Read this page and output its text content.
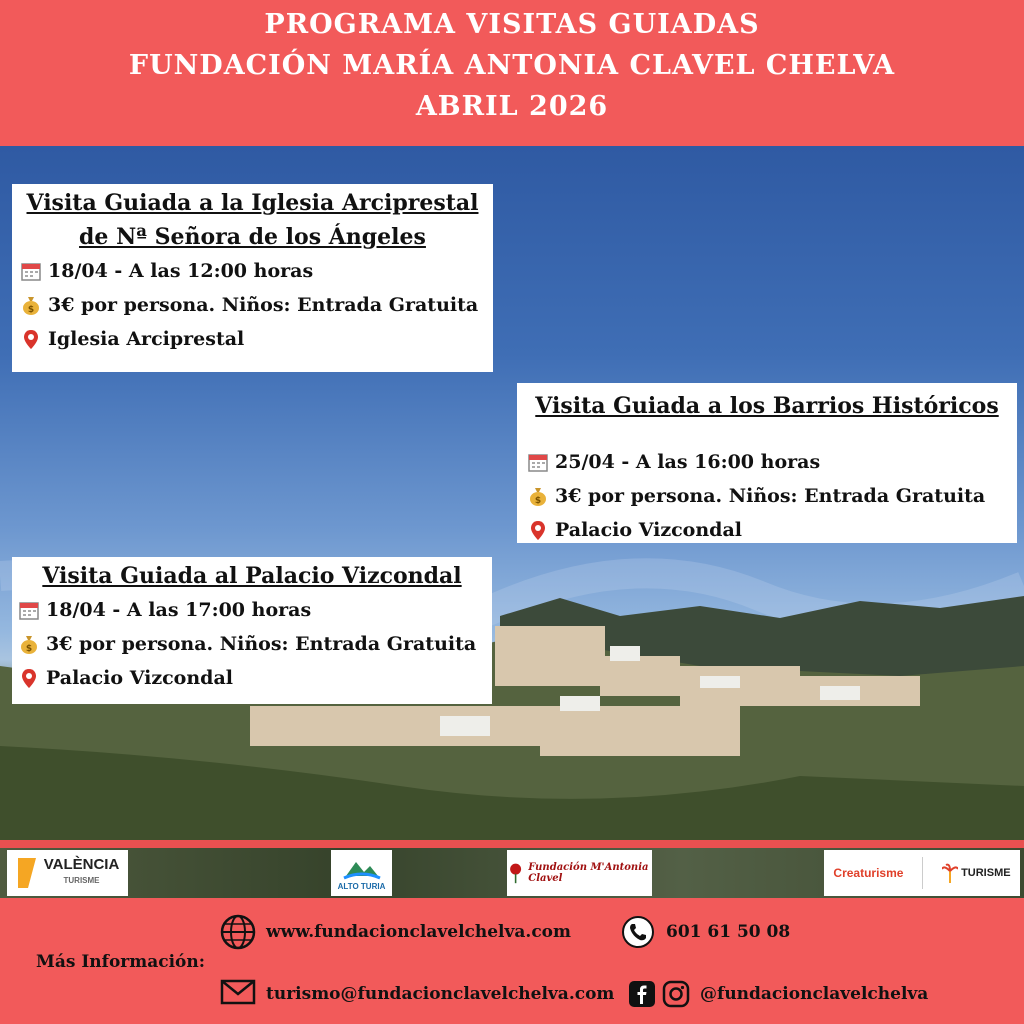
PROGRAMA VISITAS GUIADAS
FUNDACIÓN MARÍA ANTONIA CLAVEL CHELVA
ABRIL 2026
Visita Guiada a la Iglesia Arciprestal
de Nª Señora de los Ángeles
18/04 - A las 12:00 horas
$ 3€ por persona. Niños: Entrada Gratuita
Iglesia Arciprestal
Visita Guiada a los Barrios Históricos
25/04 - A las 16:00 horas
$ 3€ por persona. Niños: Entrada Gratuita
Palacio Vizcondal
Visita Guiada al Palacio Vizcondal
18/04 - A las 17:00 horas
$ 3€ por persona. Niños: Entrada Gratuita
Palacio Vizcondal
VALÈNCIA
TURISME
ALTO TURIA
Fundación M'Antonia Clavel	Creaturisme	TURISME
Más Información:
www.fundacionclavelchelva.com	601 61 50 08
turismo@fundacionclavelchelva.com	@fundacionclavelchelva
